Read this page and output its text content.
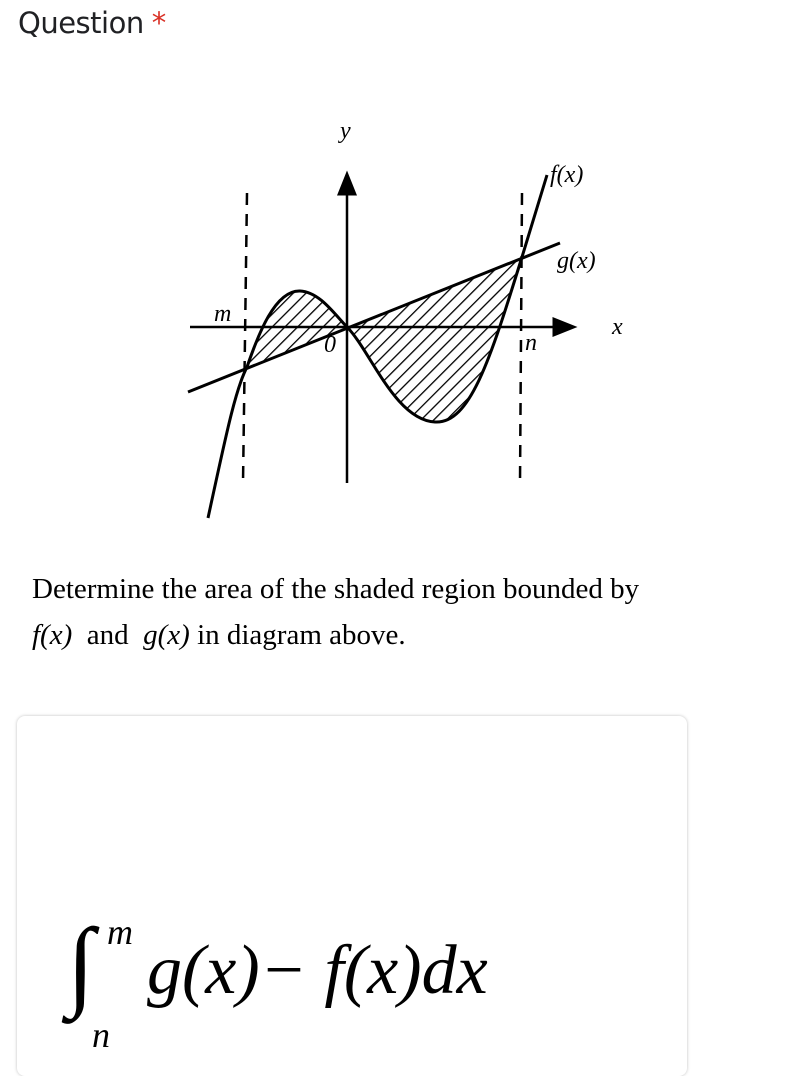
Question *
y
x
0
m
n
f(x)
g(x)
Determine the area of the shaded region bounded by
f(x) and g(x) in diagram above.
∫ m
n
g(x)− f(x)dx
